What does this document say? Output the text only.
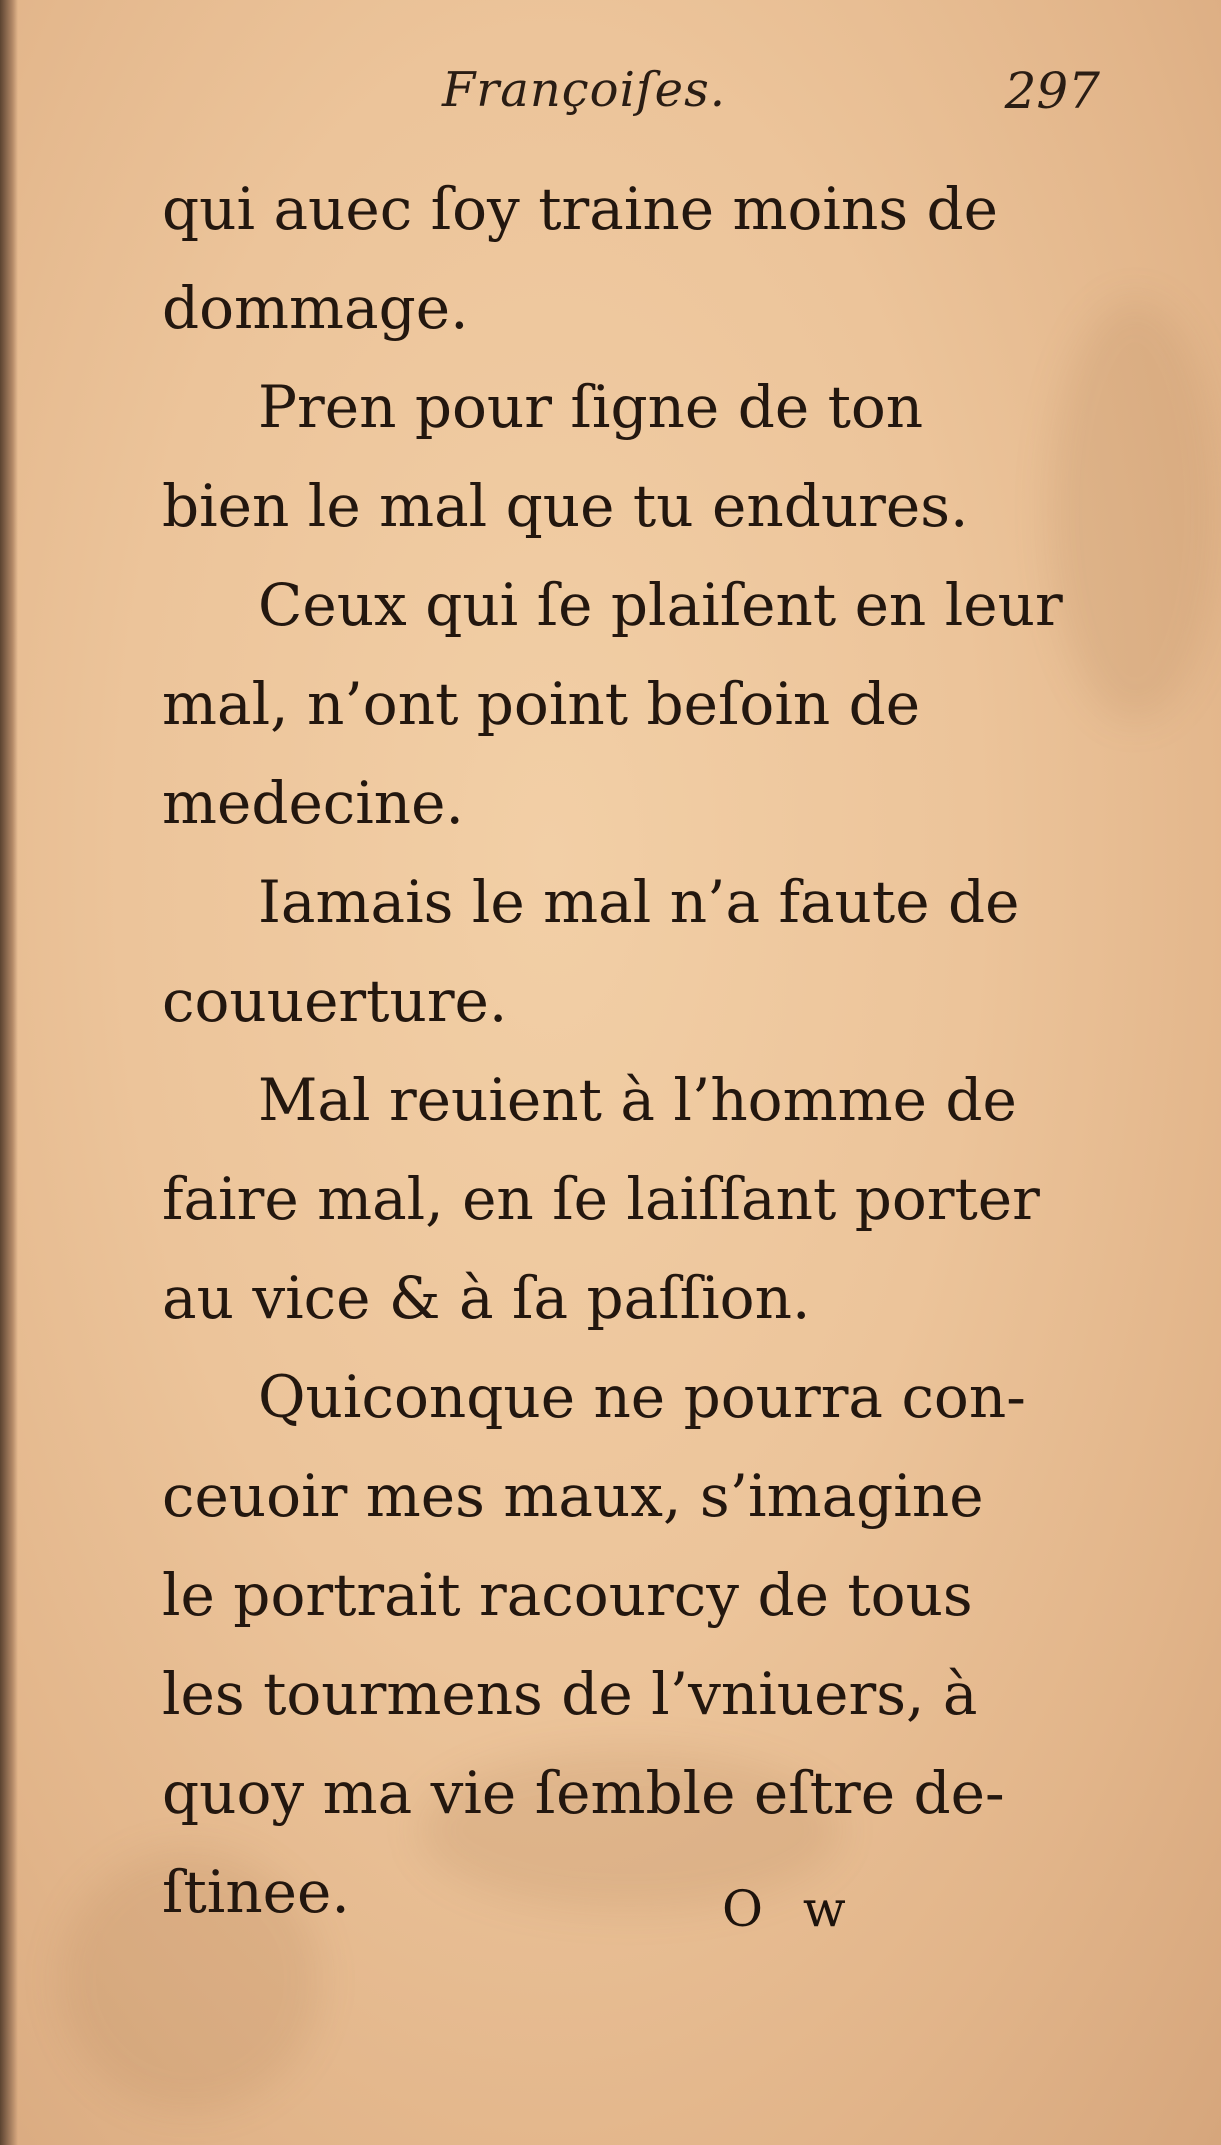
Françoiſes.	297
qui auec ſoy traine moins de
dommage.
Pren pour ſigne de ton
bien le mal que tu endures.
Ceux qui ſe plaiſent en leur
mal, n’ont point beſoin de
medecine.
Iamais le mal n’a faute de
couuerture.
Mal reuient à l’homme de
faire mal, en ſe laiſſant porter
au vice & à ſa paſſion.
Quiconque ne pourra con-
ceuoir mes maux, s’imagine
le portrait racourcy de tous
les tourmens de l’vniuers, à
quoy ma vie ſemble eſtre de-
ſtinee.	O w
